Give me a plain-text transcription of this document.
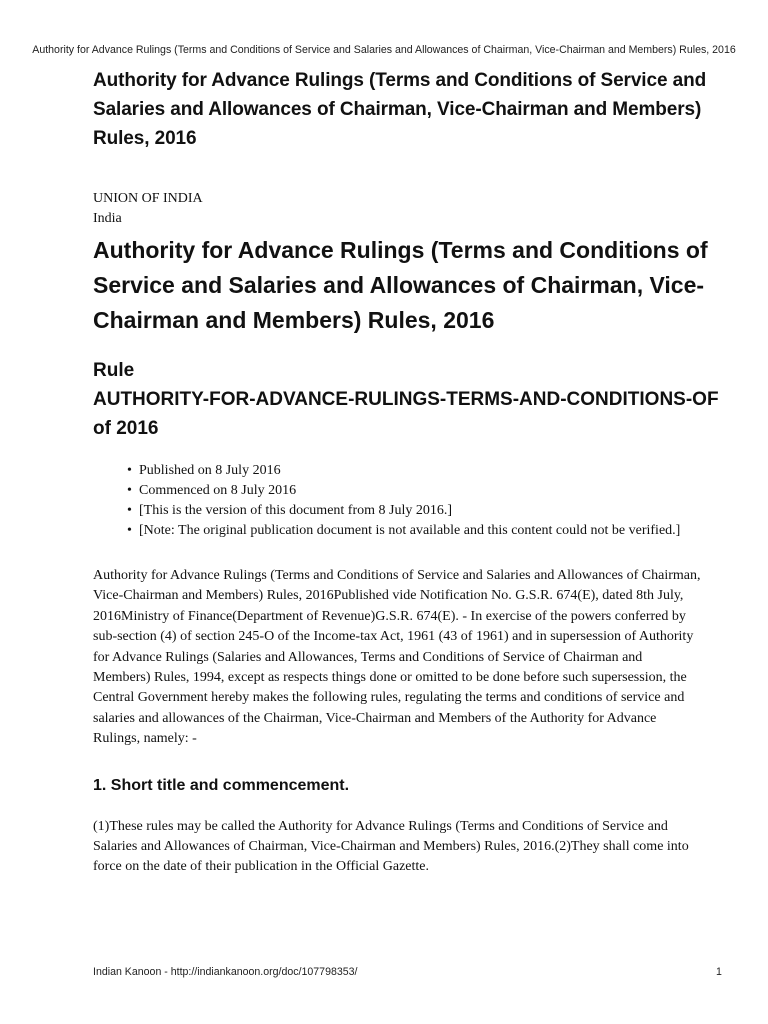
Authority for Advance Rulings (Terms and Conditions of Service and Salaries and Allowances of Chairman, Vice-Chairman and Members) Rules, 2016
Authority for Advance Rulings (Terms and Conditions of Service and Salaries and Allowances of Chairman, Vice-Chairman and Members) Rules, 2016
UNION OF INDIA
India
Authority for Advance Rulings (Terms and Conditions of Service and Salaries and Allowances of Chairman, Vice-Chairman and Members) Rules, 2016
Rule
AUTHORITY-FOR-ADVANCE-RULINGS-TERMS-AND-CONDITIONS-OF
of 2016
• Published on 8 July 2016
• Commenced on 8 July 2016
• [This is the version of this document from 8 July 2016.]
• [Note: The original publication document is not available and this content could not be verified.]

Authority for Advance Rulings (Terms and Conditions of Service and Salaries and Allowances of Chairman, Vice-Chairman and Members) Rules, 2016Published vide Notification No. G.S.R. 674(E), dated 8th July, 2016Ministry of Finance(Department of Revenue)G.S.R. 674(E). - In exercise of the powers conferred by sub-section (4) of section 245-O of the Income-tax Act, 1961 (43 of 1961) and in supersession of Authority for Advance Rulings (Salaries and Allowances, Terms and Conditions of Service of Chairman and Members) Rules, 1994, except as respects things done or omitted to be done before such supersession, the Central Government hereby makes the following rules, regulating the terms and conditions of service and salaries and allowances of the Chairman, Vice-Chairman and Members of the Authority for Advance Rulings, namely: -

1. Short title and commencement.

(1)These rules may be called the Authority for Advance Rulings (Terms and Conditions of Service and Salaries and Allowances of Chairman, Vice-Chairman and Members) Rules, 2016.(2)They shall come into force on the date of their publication in the Official Gazette.

Indian Kanoon - http://indiankanoon.org/doc/107798353/	1
